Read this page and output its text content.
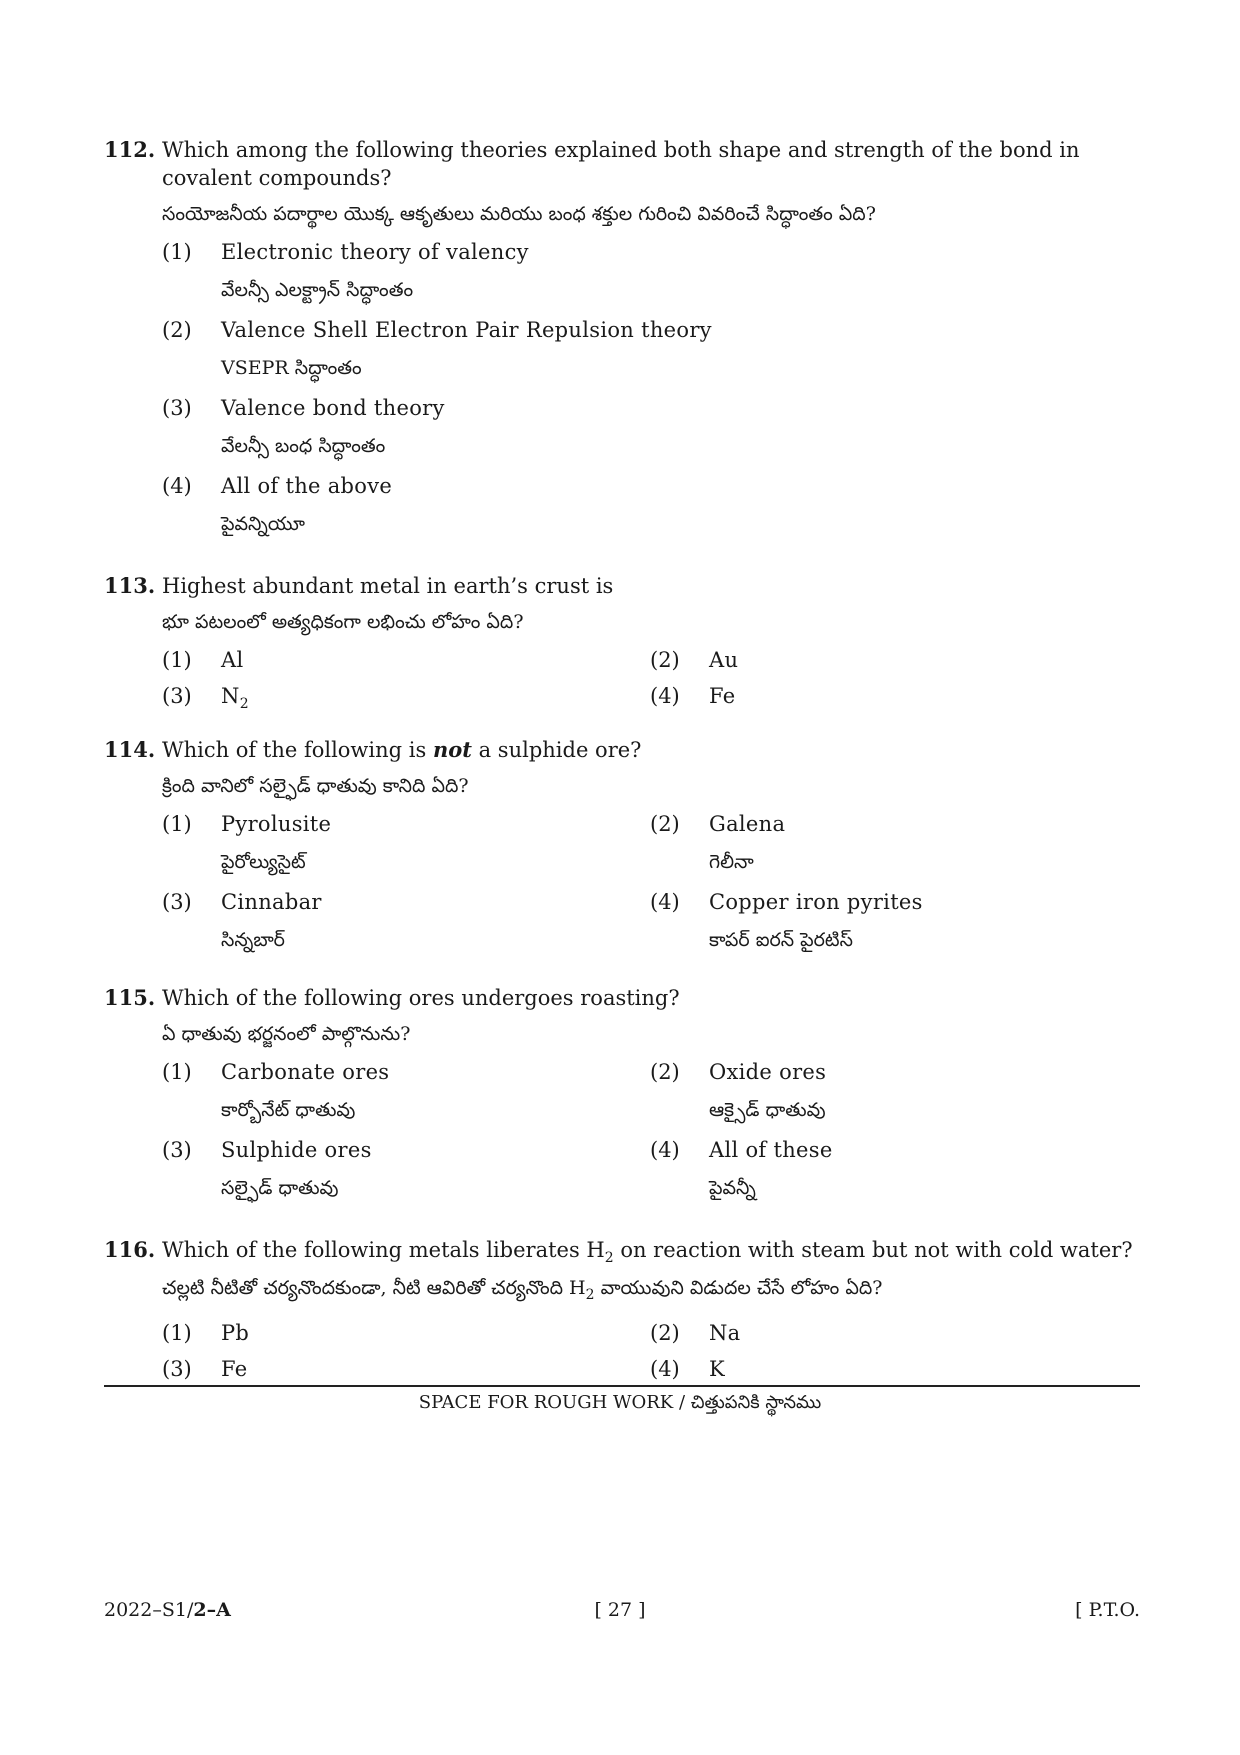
112. Which among the following theories explained both shape and strength of the bond in covalent compounds?
సంయోజనీయ పదార్థాల యొక్క ఆకృతులు మరియు బంధ శక్తుల గురించి వివరించే సిద్ధాంతం ఏది?
(1)	Electronic theory of valency
వేలన్సీ ఎలక్ట్రాన్ సిద్ధాంతం
(2)	Valence Shell Electron Pair Repulsion theory
VSEPR సిద్ధాంతం
(3)	Valence bond theory
వేలన్సీ బంధ సిద్ధాంతం
(4)	All of the above
పైవన్నియూ
113. Highest abundant metal in earth’s crust is
భూ పటలంలో అత్యధికంగా లభించు లోహం ఏది?
(1)	Al	(2)	Au
(3)	$N_2$	(4)	Fe
114. Which of the following is not a sulphide ore?
క్రింది వానిలో సల్ఫైడ్ ధాతువు కానిది ఏది?
(1)	Pyrolusite
పైరోల్యుసైట్
(2)	Galena
గెలీనా
(3)	Cinnabar
సిన్నబార్
(4)	Copper iron pyrites
కాపర్ ఐరన్ పైరటిస్
115. Which of the following ores undergoes roasting?
ఏ ధాతువు భర్జనంలో పాల్గొనును?
(1)	Carbonate ores
కార్బోనేట్ ధాతువు
(2)	Oxide ores
ఆక్సైడ్ ధాతువు
(3)	Sulphide ores
సల్ఫైడ్ ధాతువు
(4)	All of these
పైవన్నీ
116. Which of the following metals liberates $H_2$ on reaction with steam but not with cold water?
చల్లటి నీటితో చర్యనొందకుండా, నీటి ఆవిరితో చర్యనొంది $H_2$ వాయువుని విడుదల చేసే లోహం ఏది?
(1)	Pb	(2)	Na
(3)	Fe	(4)	K
SPACE FOR ROUGH WORK / చిత్తుపనికి స్థానము
2022–S1/2–A	[ 27 ]	[ P.T.O.
